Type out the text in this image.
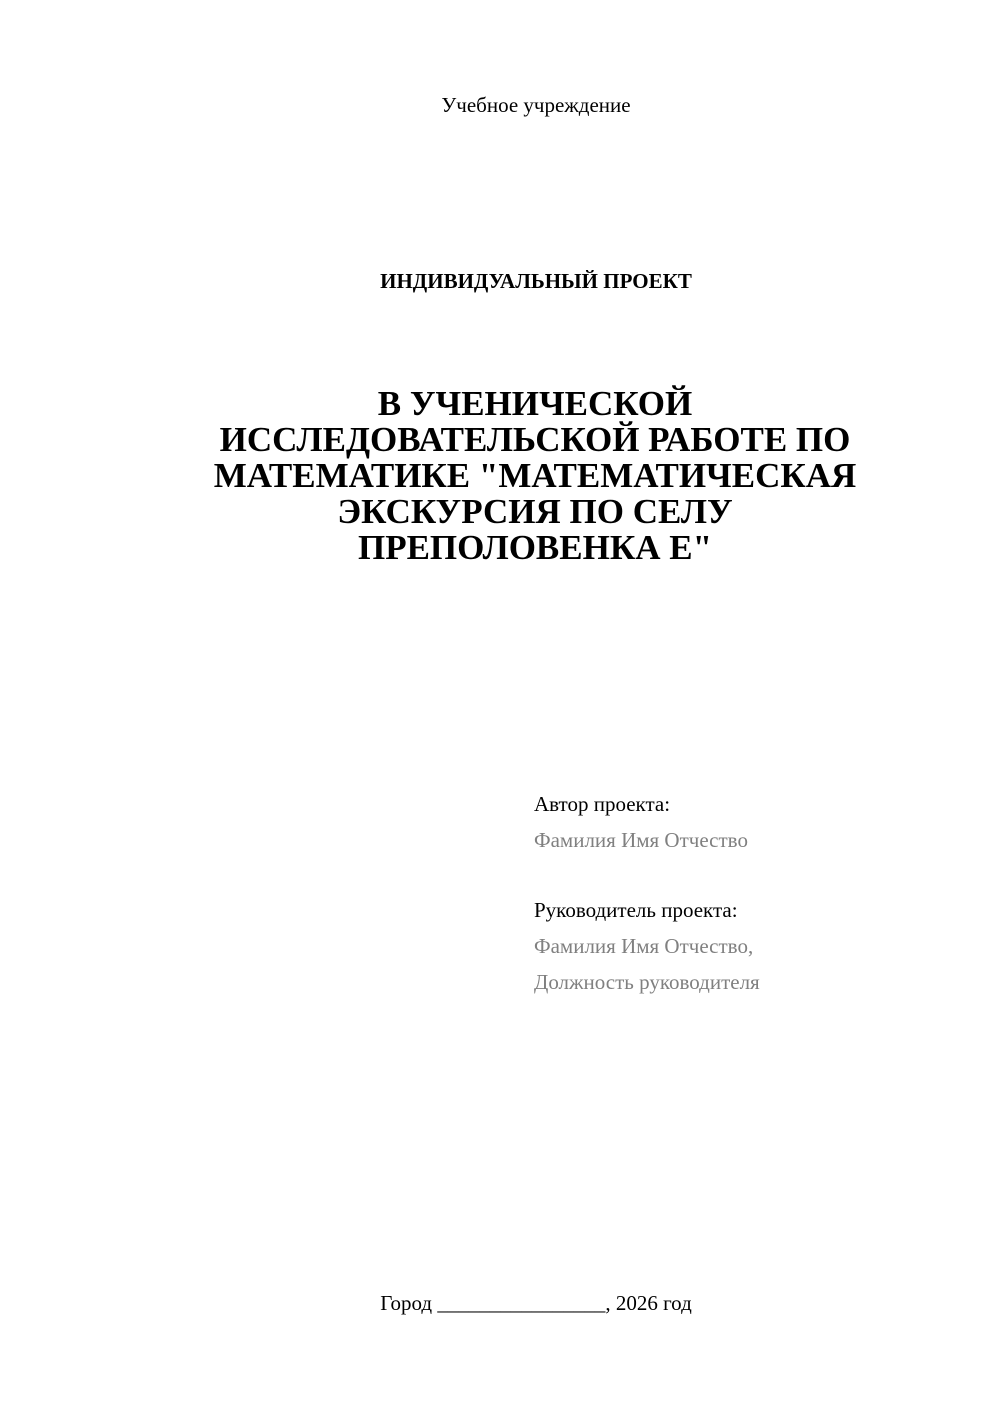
Учебное учреждение
ИНДИВИДУАЛЬНЫЙ ПРОЕКТ
В УЧЕНИЧЕСКОЙ
ИССЛЕДОВАТЕЛЬСКОЙ РАБОТЕ ПО
МАТЕМАТИКЕ "МАТЕМАТИЧЕСКАЯ
ЭКСКУРСИЯ ПО СЕЛУ
ПРЕПОЛОВЕНКА Е"
Автор проекта:
Фамилия Имя Отчество
Руководитель проекта:
Фамилия Имя Отчество,
Должность руководителя
Город ________________, 2026 год
